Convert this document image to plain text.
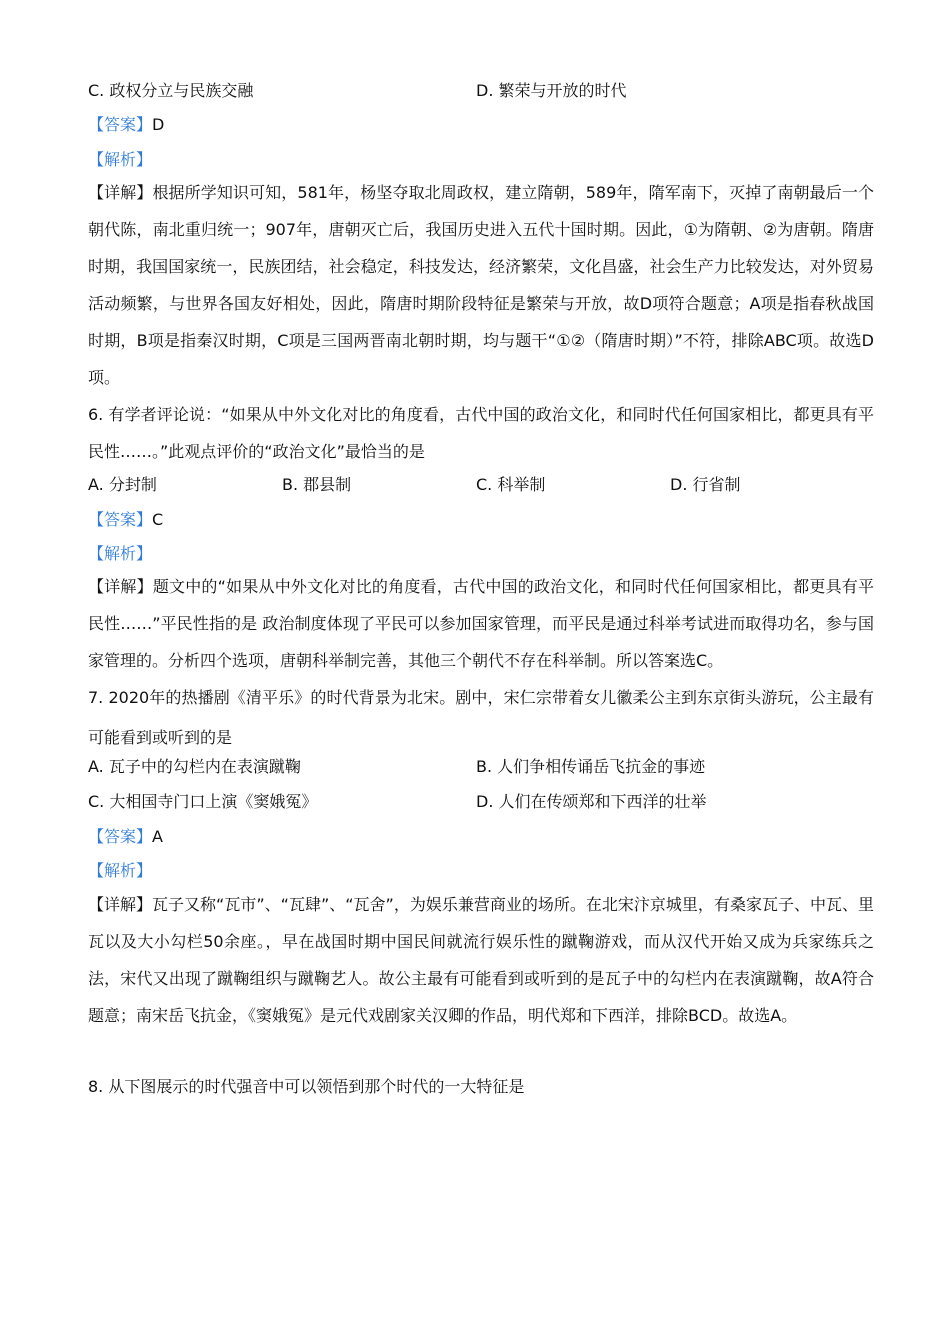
C. 政权分立与民族交融	D. 繁荣与开放的时代
【答案】D
【解析】
【详解】根据所学知识可知，581年，杨坚夺取北周政权，建立隋朝，589年，隋军南下，灭掉了南朝最后一个朝代陈，南北重归统一；907年，唐朝灭亡后，我国历史进入五代十国时期。因此，①为隋朝、②为唐朝。隋唐时期，我国国家统一，民族团结，社会稳定，科技发达，经济繁荣，文化昌盛，社会生产力比较发达，对外贸易活动频繁，与世界各国友好相处，因此，隋唐时期阶段特征是繁荣与开放，故D项符合题意；A项是指春秋战国时期，B项是指秦汉时期，C项是三国两晋南北朝时期，均与题干“①②（隋唐时期）”不符，排除ABC项。故选D项。
6. 有学者评论说：“如果从中外文化对比的角度看，古代中国的政治文化，和同时代任何国家相比，都更具有平民性……。”此观点评价的“政治文化”最恰当的是
A. 分封制	B. 郡县制	C. 科举制	D. 行省制
【答案】C
【解析】
【详解】题文中的“如果从中外文化对比的角度看，古代中国的政治文化，和同时代任何国家相比，都更具有平民性……”平民性指的是 政治制度体现了平民可以参加国家管理，而平民是通过科举考试进而取得功名，参与国家管理的。分析四个选项，唐朝科举制完善，其他三个朝代不存在科举制。所以答案选C。
7. 2020年的热播剧《清平乐》的时代背景为北宋。剧中，宋仁宗带着女儿徽柔公主到东京街头游玩，公主最有可能看到或听到的是
A. 瓦子中的勾栏内在表演蹴鞠	B. 人们争相传诵岳飞抗金的事迹
C. 大相国寺门口上演《窦娥冤》	D. 人们在传颂郑和下西洋的壮举
【答案】A
【解析】
【详解】瓦子又称“瓦市”、“瓦肆”、“瓦舍”，为娱乐兼营商业的场所。在北宋汴京城里，有桑家瓦子、中瓦、里瓦以及大小勾栏50余座。，早在战国时期中国民间就流行娱乐性的蹴鞠游戏，而从汉代开始又成为兵家练兵之法，宋代又出现了蹴鞠组织与蹴鞠艺人。故公主最有可能看到或听到的是瓦子中的勾栏内在表演蹴鞠，故A符合题意；南宋岳飞抗金，《窦娥冤》是元代戏剧家关汉卿的作品，明代郑和下西洋，排除BCD。故选A。
8. 从下图展示的时代强音中可以领悟到那个时代的一大特征是
